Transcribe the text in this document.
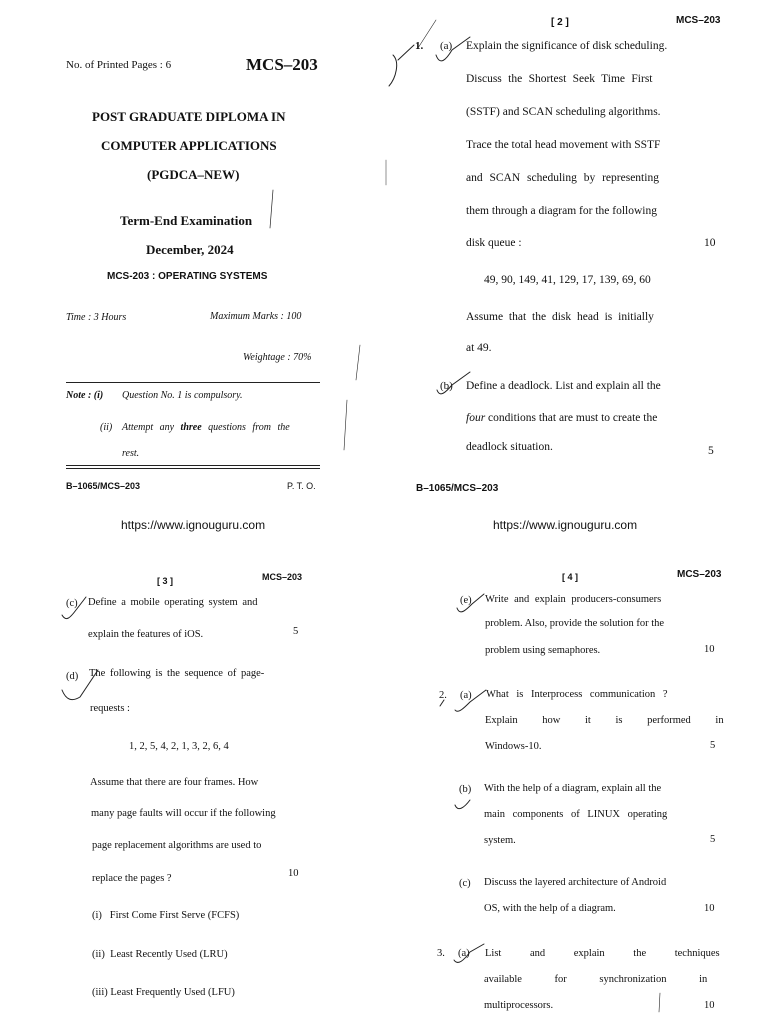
No. of Printed Pages : 6	MCS–203
POST GRADUATE DIPLOMA IN
COMPUTER APPLICATIONS
(PGDCA–NEW)
Term-End Examination
December, 2024
MCS-203 : OPERATING SYSTEMS
Time : 3 Hours	Maximum Marks : 100
Weightage : 70%
Note : (i) Question No. 1 is compulsory.
(ii) Attempt any three questions from the
rest.
B–1065/MCS–203	P. T. O.
https://www.ignouguru.com
[ 2 ]	MCS–203
1. (a) Explain the significance of disk scheduling.
Discuss the Shortest Seek Time First
(SSTF) and SCAN scheduling algorithms.
Trace the total head movement with SSTF
and SCAN scheduling by representing
them through a diagram for the following
disk queue :	10
49, 90, 149, 41, 129, 17, 139, 69, 60
Assume that the disk head is initially
at 49.
(b) Define a deadlock. List and explain all the
four conditions that are must to create the
deadlock situation.	5
B–1065/MCS–203
https://www.ignouguru.com
[ 3 ]	MCS–203
(c) Define a mobile operating system and
explain the features of iOS.	5
(d) The following is the sequence of page-
requests :
1, 2, 5, 4, 2, 1, 3, 2, 6, 4
Assume that there are four frames. How
many page faults will occur if the following
page replacement algorithms are used to
replace the pages ?	10
(i)   First Come First Serve (FCFS)
(ii)  Least Recently Used (LRU)
(iii) Least Frequently Used (LFU)
[ 4 ]	MCS–203
(e) Write and explain producers-consumers
problem. Also, provide the solution for the
problem using semaphores.	10
2. (a) What is Interprocess communication ?
Explain how it is performed in
Windows-10.	5
(b) With the help of a diagram, explain all the
main components of LINUX operating
system.	5
(c) Discuss the layered architecture of Android
OS, with the help of a diagram.	10
3. (a) List and explain the techniques
available for synchronization in
multiprocessors.	10
